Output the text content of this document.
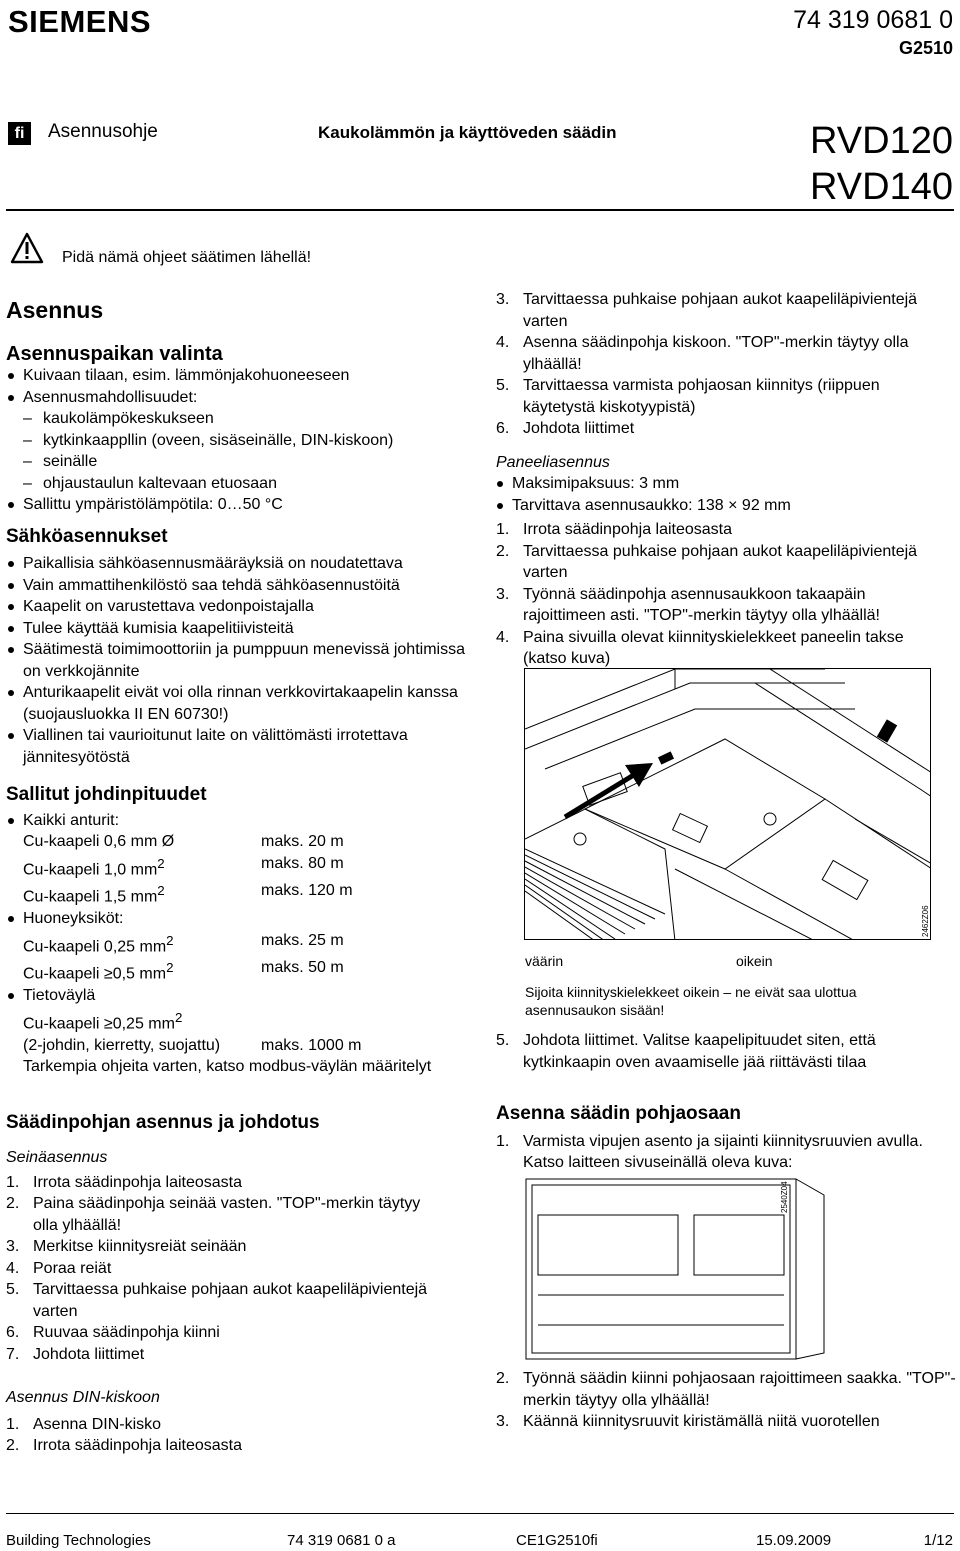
SIEMENS	74 319 0681 0
G2510
fi	Asennusohje	Kaukolämmön ja käyttöveden säädin	RVD120
RVD140
Pidä nämä ohjeet säätimen lähellä!
Asennus
Asennuspaikan valinta
Kuivaan tilaan, esim. lämmönjakohuoneeseen
Asennusmahdollisuudet:
– kaukolämpökeskukseen
– kytkinkaappllin (oveen, sisäseinälle, DIN-kiskoon)
– seinälle
– ohjaustaulun kaltevaan etuosaan
Sallittu ympäristölämpötila: 0…50 °C
Sähköasennukset
Paikallisia sähköasennusmääräyksiä on noudatettava
Vain ammattihenkilöstö saa tehdä sähköasennustöitä
Kaapelit on varustettava vedonpoistajalla
Tulee käyttää kumisia kaapelitiivisteitä
Säätimestä toimimoottoriin ja pumppuun menevissä johtimissa on verkkojännite
Anturikaapelit eivät voi olla rinnan verkkovirtakaapelin kanssa (suojausluokka II EN 60730!)
Viallinen tai vaurioitunut laite on välittömästi irrotettava jännitesyötöstä
Sallitut johdinpituudet
Kaikki anturit:
Cu-kaapeli 0,6 mm Ø	maks. 20 m
Cu-kaapeli 1,0 $mm^2$	maks. 80 m
Cu-kaapeli 1,5 $mm^2$	maks. 120 m
Huoneyksiköt:
Cu-kaapeli 0,25 $mm^2$	maks. 25 m
Cu-kaapeli ≥0,5 $mm^2$	maks. 50 m
Tietoväylä
Cu-kaapeli ≥0,25 $mm^2$
(2-johdin, kierretty, suojattu)	maks. 1000 m
Tarkempia ohjeita varten, katso modbus-väylän määritelyt
Säädinpohjan asennus ja johdotus
Seinäasennus
1. Irrota säädinpohja laiteosasta
2. Paina säädinpohja seinää vasten. "TOP"-merkin täytyy olla ylhäällä!
3. Merkitse kiinnitysreiät seinään
4. Poraa reiät
5. Tarvittaessa puhkaise pohjaan aukot kaapeliläpivientejä varten
6. Ruuvaa säädinpohja kiinni
7. Johdota liittimet
Asennus DIN-kiskoon
1. Asenna DIN-kisko
2. Irrota säädinpohja laiteosasta
3. Tarvittaessa puhkaise pohjaan aukot kaapeliläpivientejä varten
4. Asenna säädinpohja kiskoon. "TOP"-merkin täytyy olla ylhäällä!
5. Tarvittaessa varmista pohjaosan kiinnitys (riippuen käytetystä kiskotyypistä)
6. Johdota liittimet
Paneeliasennus
Maksimipaksuus: 3 mm
Tarvittava asennusaukko: 138 × 92 mm
1. Irrota säädinpohja laiteosasta
2. Tarvittaessa puhkaise pohjaan aukot kaapeliläpivientejä varten
3. Työnnä säädinpohja asennusaukkoon takaapäin rajoittimeen asti. "TOP"-merkin täytyy olla ylhäällä!
4. Paina sivuilla olevat kiinnityskielekkeet paneelin takse (katso kuva)
2462Z06
väärin	oikein
Sijoita kiinnityskielekkeet oikein – ne eivät saa ulottua asennusaukon sisään!
5. Johdota liittimet. Valitse kaapelipituudet siten, että kytkinkaapin oven avaamiselle jää riittävästi tilaa
Asenna säädin pohjaosaan
1. Varmista vipujen asento ja sijainti kiinnitysruuvien avulla. Katso laitteen sivuseinällä oleva kuva:
2540Z04
2. Työnnä säädin kiinni pohjaosaan rajoittimeen saakka. "TOP"-merkin täytyy olla ylhäällä!
3. Käännä kiinnitysruuvit kiristämällä niitä vuorotellen
Building Technologies	74 319 0681 0 a	CE1G2510fi	15.09.2009	1/12
